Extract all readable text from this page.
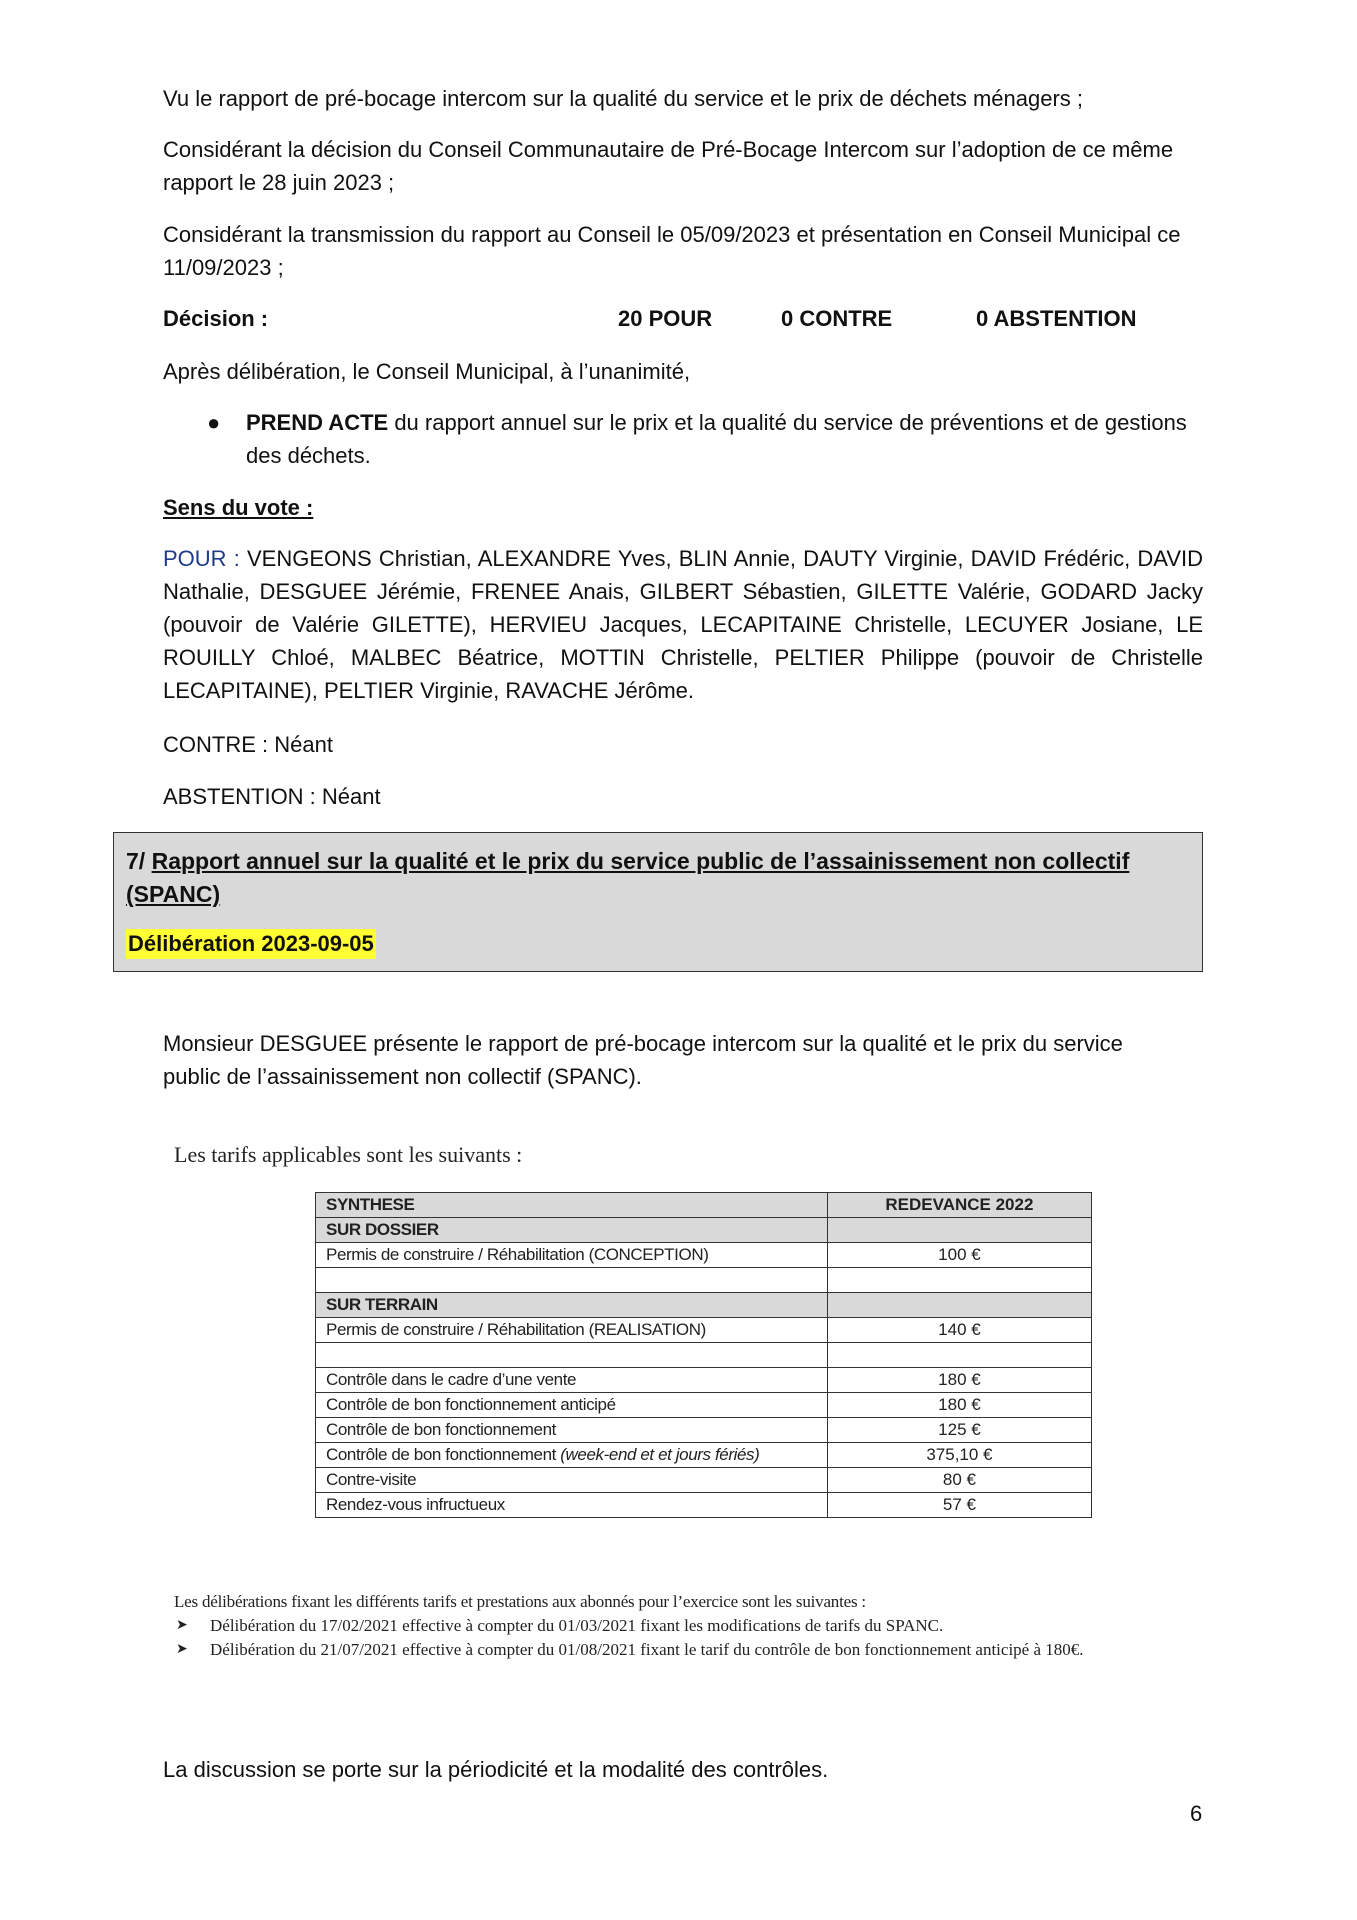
Vu le rapport de pré-bocage intercom sur la qualité du service et le prix de déchets ménagers ;

Considérant la décision du Conseil Communautaire de Pré-Bocage Intercom sur l’adoption de ce même rapport le 28 juin 2023 ;

Considérant la transmission du rapport au Conseil le 05/09/2023 et présentation en Conseil Municipal ce 11/09/2023 ;

Décision :	20 POUR	0 CONTRE	0 ABSTENTION

Après délibération, le Conseil Municipal, à l’unanimité,

● PREND ACTE du rapport annuel sur le prix et la qualité du service de préventions et de gestions des déchets.

Sens du vote :

POUR : VENGEONS Christian, ALEXANDRE Yves, BLIN Annie, DAUTY Virginie, DAVID Frédéric, DAVID Nathalie, DESGUEE Jérémie, FRENEE Anais, GILBERT Sébastien, GILETTE Valérie, GODARD Jacky (pouvoir de Valérie GILETTE), HERVIEU Jacques, LECAPITAINE Christelle, LECUYER Josiane, LE ROUILLY Chloé, MALBEC Béatrice, MOTTIN Christelle, PELTIER Philippe (pouvoir de Christelle LECAPITAINE), PELTIER Virginie, RAVACHE Jérôme.

CONTRE : Néant

ABSTENTION : Néant

7/ Rapport annuel sur la qualité et le prix du service public de l’assainissement non collectif (SPANC)

Délibération 2023-09-05

Monsieur DESGUEE présente le rapport de pré-bocage intercom sur la qualité et le prix du service public de l’assainissement non collectif (SPANC).

Les tarifs applicables sont les suivants :
SYNTHESE	REDEVANCE 2022
SUR DOSSIER	
Permis de construire / Réhabilitation (CONCEPTION)	100 €

SUR TERRAIN	
Permis de construire / Réhabilitation (REALISATION)	140 €

Contrôle dans le cadre d’une vente	180 €
Contrôle de bon fonctionnement anticipé	180 €
Contrôle de bon fonctionnement	125 €
Contrôle de bon fonctionnement (week-end et et jours fériés)	375,10 €
Contre-visite	80 €
Rendez-vous infructueux	57 €

Les délibérations fixant les différents tarifs et prestations aux abonnés pour l’exercice sont les suivantes :

➤ Délibération du 17/02/2021 effective à compter du 01/03/2021 fixant les modifications de tarifs du SPANC.

➤ Délibération du 21/07/2021 effective à compter du 01/08/2021 fixant le tarif du contrôle de bon fonctionnement anticipé à 180€.

La discussion se porte sur la périodicité et la modalité des contrôles.

6
